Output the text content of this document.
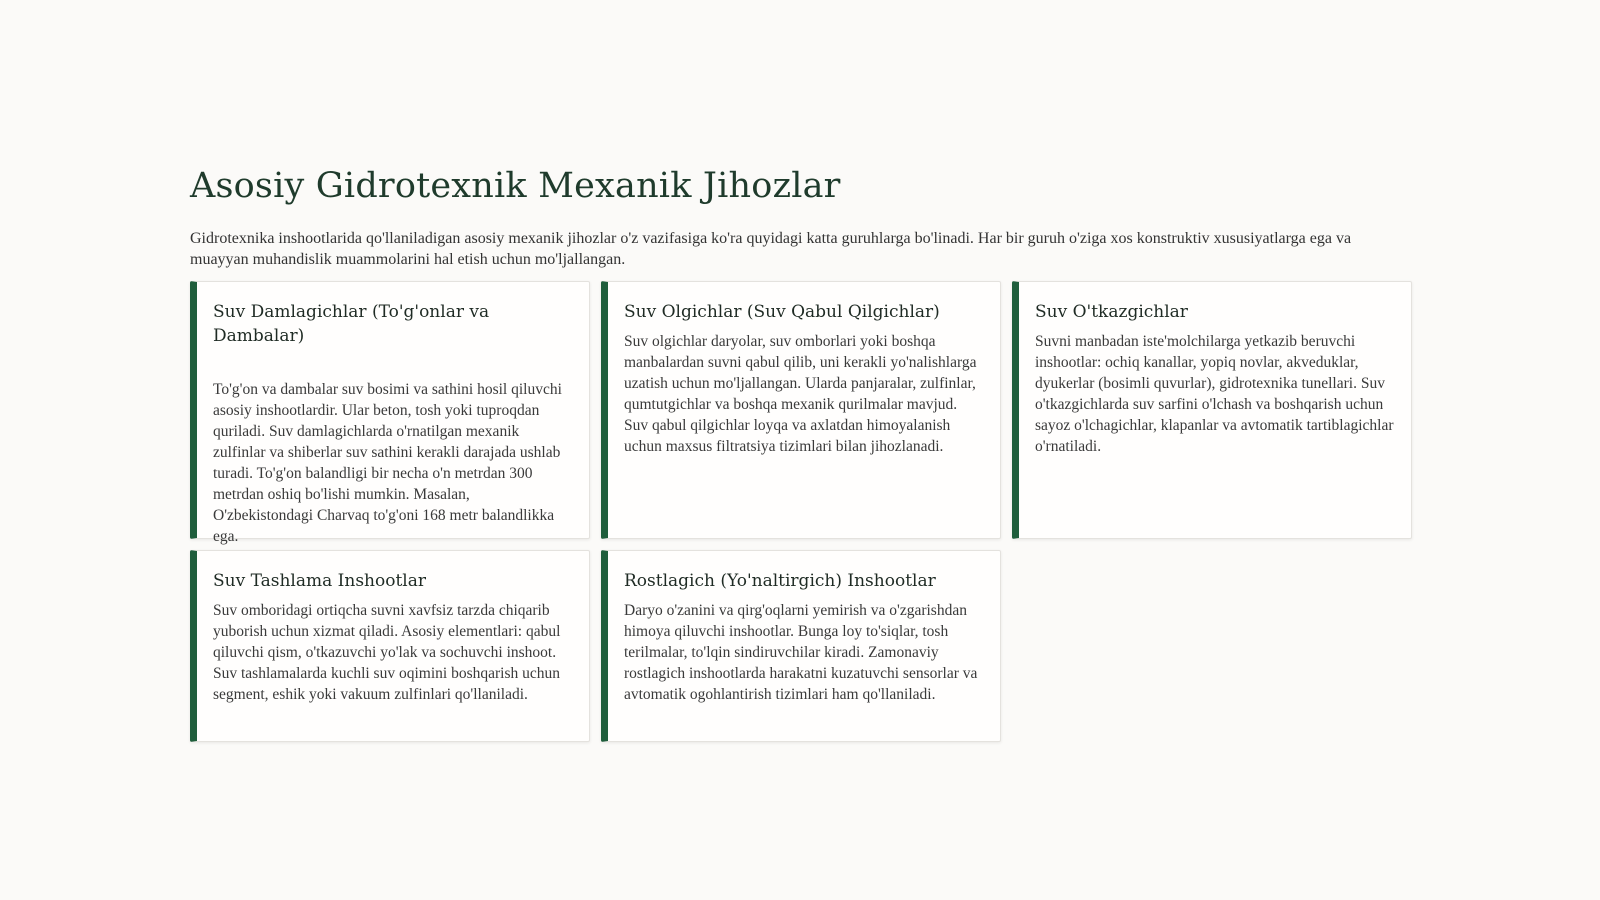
Asosiy Gidrotexnik Mexanik Jihozlar

Gidrotexnika inshootlarida qo'llaniladigan asosiy mexanik jihozlar o'z vazifasiga ko'ra quyidagi katta guruhlarga bo'linadi. Har bir guruh o'ziga xos konstruktiv xususiyatlarga ega va muayyan muhandislik muammolarini hal etish uchun mo'ljallangan.

Suv Damlagichlar (To'g'onlar va Dambalar)

To'g'on va dambalar suv bosimi va sathini hosil qiluvchi asosiy inshootlardir. Ular beton, tosh yoki tuproqdan quriladi. Suv damlagichlarda o'rnatilgan mexanik zulfinlar va shiberlar suv sathini kerakli darajada ushlab turadi. To'g'on balandligi bir necha o'n metrdan 300 metrdan oshiq bo'lishi mumkin. Masalan, O'zbekistondagi Charvaq to'g'oni 168 metr balandlikka ega.

Suv Olgichlar (Suv Qabul Qilgichlar)

Suv olgichlar daryolar, suv omborlari yoki boshqa manbalardan suvni qabul qilib, uni kerakli yo'nalishlarga uzatish uchun mo'ljallangan. Ularda panjaralar, zulfinlar, qumtutgichlar va boshqa mexanik qurilmalar mavjud. Suv qabul qilgichlar loyqa va axlatdan himoyalanish uchun maxsus filtratsiya tizimlari bilan jihozlanadi.

Suv O'tkazgichlar

Suvni manbadan iste'molchilarga yetkazib beruvchi inshootlar: ochiq kanallar, yopiq novlar, akveduklar, dyukerlar (bosimli quvurlar), gidrotexnika tunellari. Suv o'tkazgichlarda suv sarfini o'lchash va boshqarish uchun sayoz o'lchagichlar, klapanlar va avtomatik tartiblagichlar o'rnatiladi.

Suv Tashlama Inshootlar

Suv omboridagi ortiqcha suvni xavfsiz tarzda chiqarib yuborish uchun xizmat qiladi. Asosiy elementlari: qabul qiluvchi qism, o'tkazuvchi yo'lak va sochuvchi inshoot. Suv tashlamalarda kuchli suv oqimini boshqarish uchun segment, eshik yoki vakuum zulfinlari qo'llaniladi.

Rostlagich (Yo'naltirgich) Inshootlar

Daryo o'zanini va qirg'oqlarni yemirish va o'zgarishdan himoya qiluvchi inshootlar. Bunga loy to'siqlar, tosh terilmalar, to'lqin sindiruvchilar kiradi. Zamonaviy rostlagich inshootlarda harakatni kuzatuvchi sensorlar va avtomatik ogohlantirish tizimlari ham qo'llaniladi.
